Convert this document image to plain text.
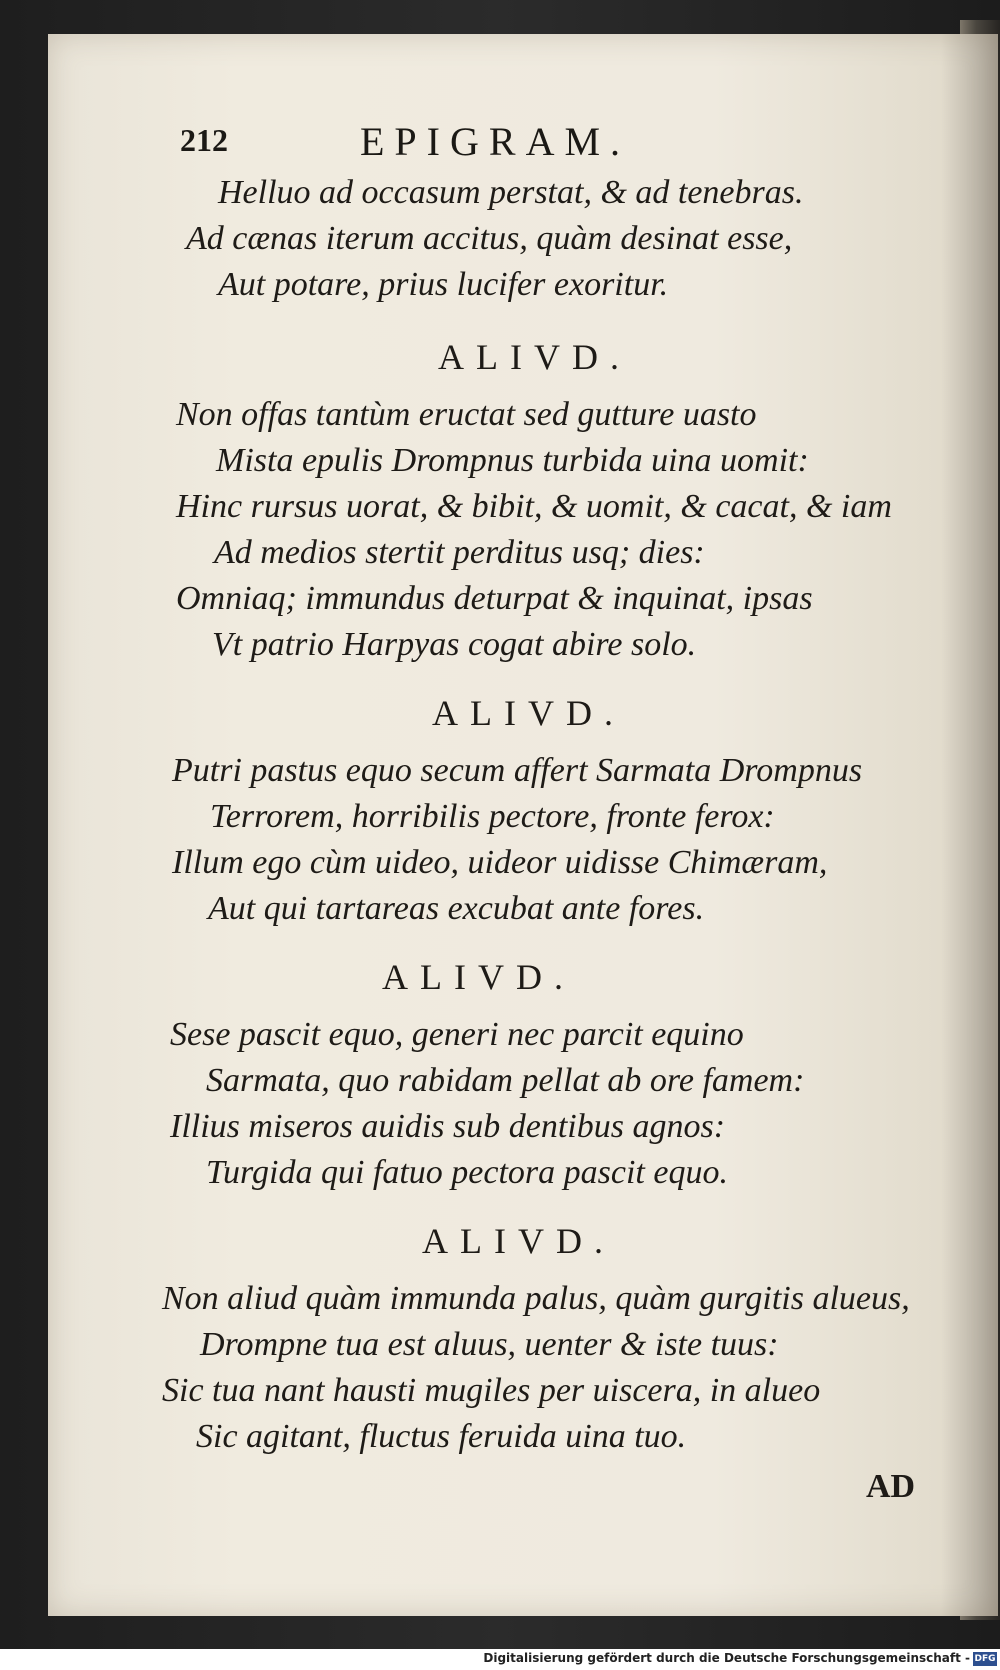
212	EPIGRAM.
Helluo ad occasum perstat, & ad tenebras.
Ad cænas iterum accitus, quàm desinat esse,
Aut potare, prius lucifer exoritur.
ALIVD.
Non offas tantùm eructat sed gutture uasto
Mista epulis Drompnus turbida uina uomit:
Hinc rursus uorat, & bibit, & uomit, & cacat, & iam
Ad medios stertit perditus usq; dies:
Omniaq; immundus deturpat & inquinat, ipsas
Vt patrio Harpyas cogat abire solo.
ALIVD.
Putri pastus equo secum affert Sarmata Drompnus
Terrorem, horribilis pectore, fronte ferox:
Illum ego cùm uideo, uideor uidisse Chimæram,
Aut qui tartareas excubat ante fores.
ALIVD.
Sese pascit equo, generi nec parcit equino
Sarmata, quo rabidam pellat ab ore famem:
Illius miseros auidis sub dentibus agnos:
Turgida qui fatuo pectora pascit equo.
ALIVD.
Non aliud quàm immunda palus, quàm gurgitis alueus,
Drompne tua est aluus, uenter & iste tuus:
Sic tua nant hausti mugiles per uiscera, in alueo
Sic agitant, fluctus feruida uina tuo.
AD
Digitalisierung gefördert durch die Deutsche Forschungsgemeinschaft - DFG
